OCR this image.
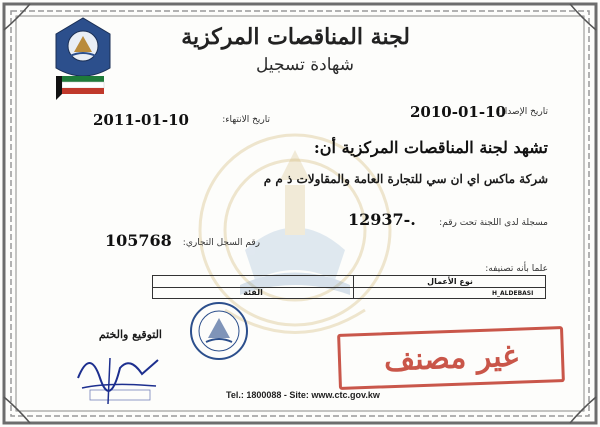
لجنة المناقصات المركزية
شهادة تسجيل
تاريخ الإصدار:
2010-01-10
تاريخ الانتهاء:
2011-01-10
تشهد لجنة المناقصات المركزية أن:
شركة ماكس اي ان سي للتجارة العامة والمقاولات ذ م م
مسجلة لدى اللجنة تحت رقم:
12937-.
رقم السجل التجاري:
105768
علما بأنه تصنيفه:
نوع الأعمال
الفئة	H_ALDEBASI
التوقيع والختم
غير مصنف
Tel.: 1800088 - Site: www.ctc.gov.kw
